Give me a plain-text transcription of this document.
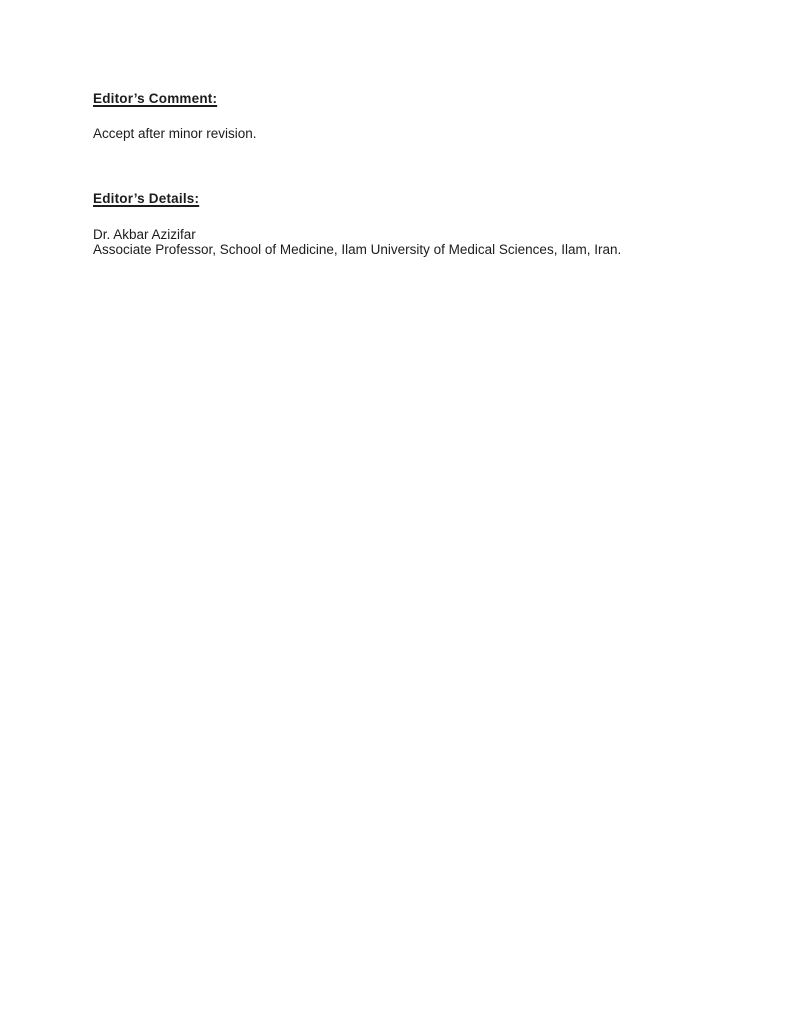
Editor’s Comment:

Accept after minor revision.

Editor’s Details:

Dr. Akbar Azizifar

Associate Professor, School of Medicine, Ilam University of Medical Sciences, Ilam, Iran.
